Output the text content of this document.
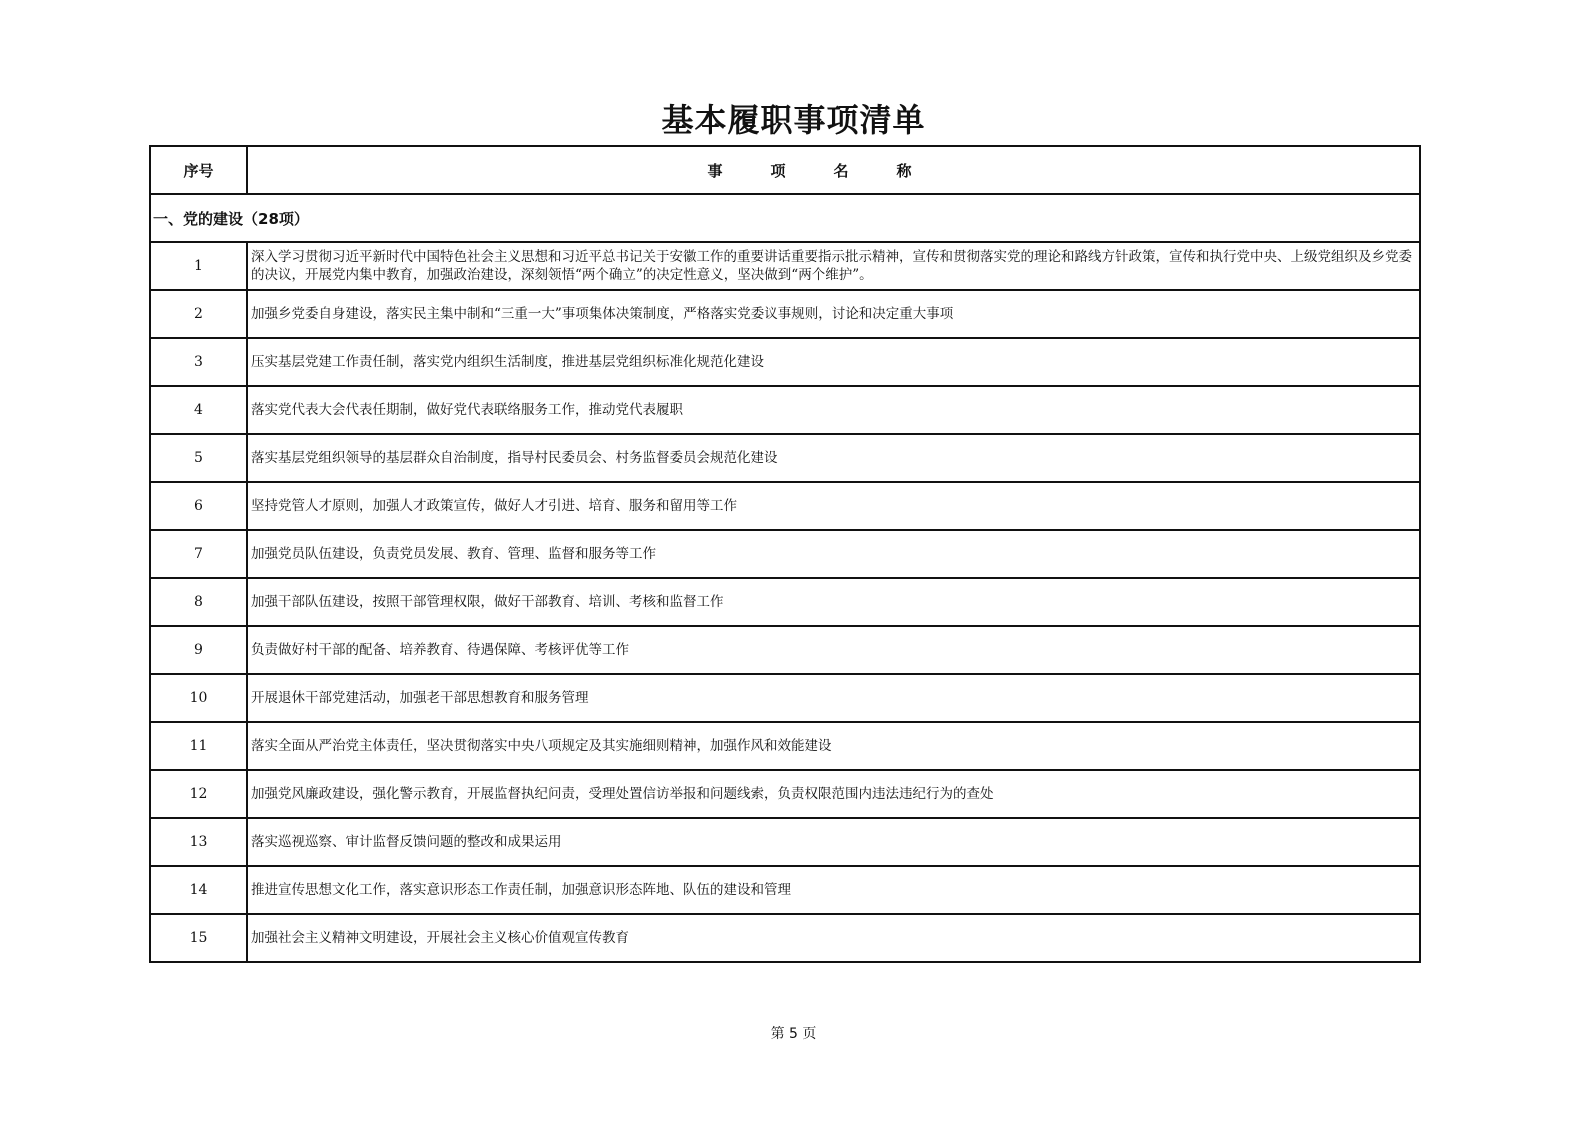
基本履职事项清单
序号	事项名称
一、党的建设（28项）	
1	深入学习贯彻习近平新时代中国特色社会主义思想和习近平总书记关于安徽工作的重要讲话重要指示批示精神，宣传和贯彻落实党的理论和路线方针政策，宣传和执行党中央、上级党组织及乡党委的决议，开展党内集中教育，加强政治建设，深刻领悟“两个确立”的决定性意义，坚决做到“两个维护”。
2	加强乡党委自身建设，落实民主集中制和“三重一大”事项集体决策制度，严格落实党委议事规则，讨论和决定重大事项
3	压实基层党建工作责任制，落实党内组织生活制度，推进基层党组织标准化规范化建设
4	落实党代表大会代表任期制，做好党代表联络服务工作，推动党代表履职
5	落实基层党组织领导的基层群众自治制度，指导村民委员会、村务监督委员会规范化建设
6	坚持党管人才原则，加强人才政策宣传，做好人才引进、培育、服务和留用等工作
7	加强党员队伍建设，负责党员发展、教育、管理、监督和服务等工作
8	加强干部队伍建设，按照干部管理权限，做好干部教育、培训、考核和监督工作
9	负责做好村干部的配备、培养教育、待遇保障、考核评优等工作
10	开展退休干部党建活动，加强老干部思想教育和服务管理
11	落实全面从严治党主体责任，坚决贯彻落实中央八项规定及其实施细则精神，加强作风和效能建设
12	加强党风廉政建设，强化警示教育，开展监督执纪问责，受理处置信访举报和问题线索，负责权限范围内违法违纪行为的查处
13	落实巡视巡察、审计监督反馈问题的整改和成果运用
14	推进宣传思想文化工作，落实意识形态工作责任制，加强意识形态阵地、队伍的建设和管理
15	加强社会主义精神文明建设，开展社会主义核心价值观宣传教育
第 5 页
